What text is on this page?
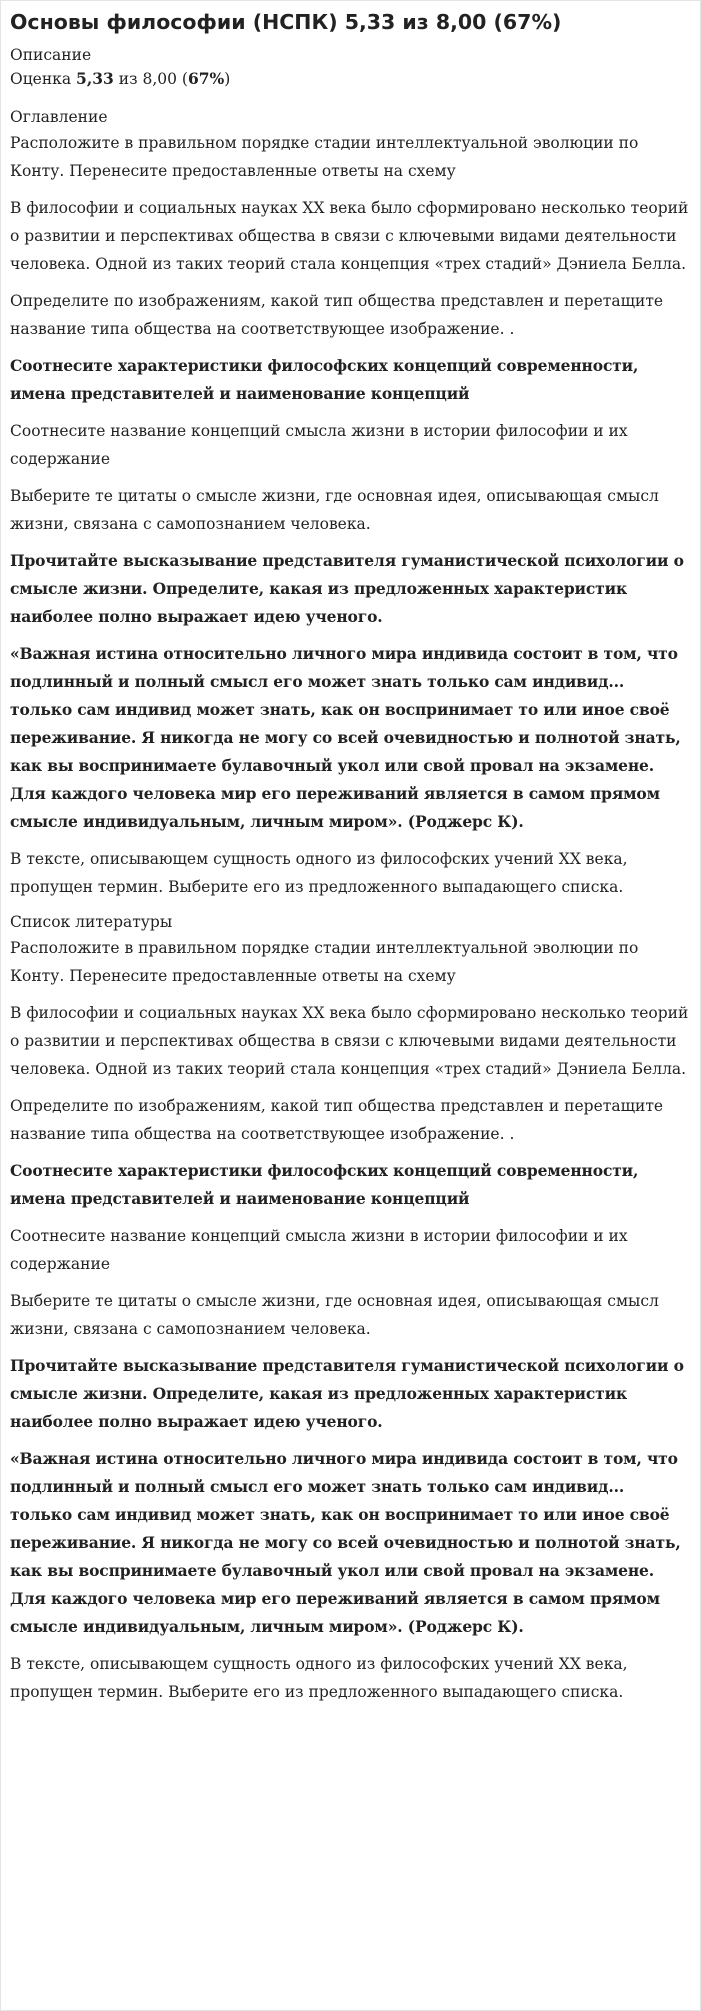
Основы философии (НСПК) 5,33 из 8,00 (67%)
Описание
Оценка 5,33 из 8,00 (67%)
Оглавление

Расположите в правильном порядке стадии интеллектуальной эволюции по Конту. Перенесите предоставленные ответы на схему

В философии и социальных науках XX века было сформировано несколько теорий о развитии и перспективах общества в связи с ключевыми видами деятельности человека. Одной из таких теорий стала концепция «трех стадий» Дэниела Белла.

Определите по изображениям, какой тип общества представлен и перетащите название типа общества на соответствующее изображение. .

Соотнесите характеристики философских концепций современности, имена представителей и наименование концепций

Соотнесите название концепций смысла жизни в истории философии и их содержание

Выберите те цитаты о смысле жизни, где основная идея, описывающая смысл жизни, связана с самопознанием человека.

Прочитайте высказывание представителя гуманистической психологии о смысле жизни. Определите, какая из предложенных характеристик наиболее полно выражает идею ученого.

«Важная истина относительно личного мира индивида состоит в том, что подлинный и полный смысл его может знать только сам индивид... только сам индивид может знать, как он воспринимает то или иное своё переживание. Я никогда не могу со всей очевидностью и полнотой знать, как вы воспринимаете булавочный укол или свой провал на экзамене. Для каждого человека мир его переживаний является в самом прямом смысле индивидуальным, личным миром». (Роджерс К).

В тексте, описывающем сущность одного из философских учений XX века, пропущен термин. Выберите его из предложенного выпадающего списка.

Список литературы

Расположите в правильном порядке стадии интеллектуальной эволюции по Конту. Перенесите предоставленные ответы на схему

В философии и социальных науках XX века было сформировано несколько теорий о развитии и перспективах общества в связи с ключевыми видами деятельности человека. Одной из таких теорий стала концепция «трех стадий» Дэниела Белла.

Определите по изображениям, какой тип общества представлен и перетащите название типа общества на соответствующее изображение. .

Соотнесите характеристики философских концепций современности, имена представителей и наименование концепций

Соотнесите название концепций смысла жизни в истории философии и их содержание

Выберите те цитаты о смысле жизни, где основная идея, описывающая смысл жизни, связана с самопознанием человека.

Прочитайте высказывание представителя гуманистической психологии о смысле жизни. Определите, какая из предложенных характеристик наиболее полно выражает идею ученого.

«Важная истина относительно личного мира индивида состоит в том, что подлинный и полный смысл его может знать только сам индивид... только сам индивид может знать, как он воспринимает то или иное своё переживание. Я никогда не могу со всей очевидностью и полнотой знать, как вы воспринимаете булавочный укол или свой провал на экзамене. Для каждого человека мир его переживаний является в самом прямом смысле индивидуальным, личным миром». (Роджерс К).

В тексте, описывающем сущность одного из философских учений XX века, пропущен термин. Выберите его из предложенного выпадающего списка.
